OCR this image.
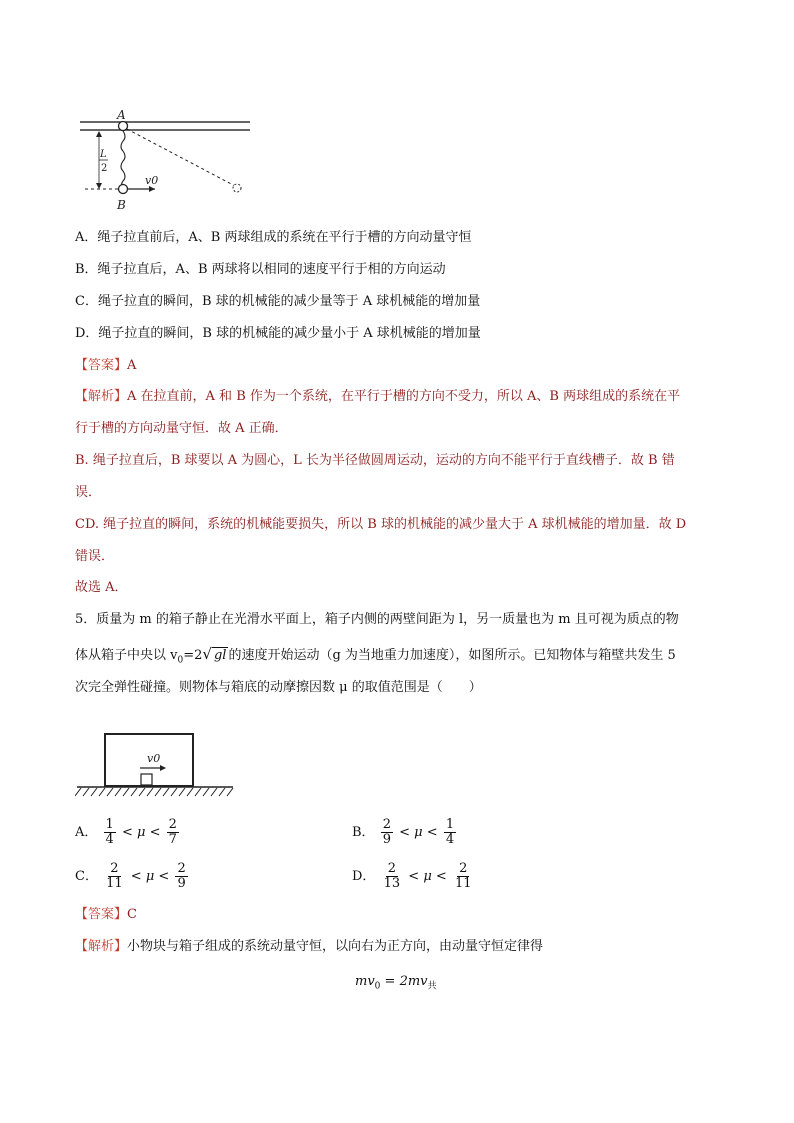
A
B
v0
L
2
A．绳子拉直前后，A、B 两球组成的系统在平行于槽的方向动量守恒
B．绳子拉直后，A、B 两球将以相同的速度平行于相的方向运动
C．绳子拉直的瞬间，B 球的机械能的减少量等于 A 球机械能的增加量
D．绳子拉直的瞬间，B 球的机械能的减少量小于 A 球机械能的增加量
【答案】A
【解析】A 在拉直前，A 和 B 作为一个系统，在平行于槽的方向不受力，所以 A、B 两球组成的系统在平
行于槽的方向动量守恒．故 A 正确．
B. 绳子拉直后，B 球要以 A 为圆心，L 长为半径做圆周运动，运动的方向不能平行于直线槽子．故 B 错
误．
CD. 绳子拉直的瞬间，系统的机械能要损失，所以 B 球的机械能的减少量大于 A 球机械能的增加量．故 D
错误．
故选 A．
5．质量为 m 的箱子静止在光滑水平面上，箱子内侧的两壁间距为 l，另一质量也为 m 且可视为质点的物
体从箱子中央以 $v_0=2√$ gl 的速度开始运动（g 为当地重力加速度），如图所示。已知物体与箱壁共发生 5
次完全弹性碰撞。则物体与箱底的动摩擦因数 μ 的取值范围是（　　）
v0
A． $\frac{1}{4} < \mu < \frac{2}{7}$	B． $\frac{2}{9} < \mu < \frac{1}{4}$
C． $\frac{2}{11} < \mu < \frac{2}{9}$	D． $\frac{2}{13} < \mu < \frac{2}{11}$
【答案】C
【解析】小物块与箱子组成的系统动量守恒，以向右为正方向，由动量守恒定律得
$mv_0 = 2mv_共$
